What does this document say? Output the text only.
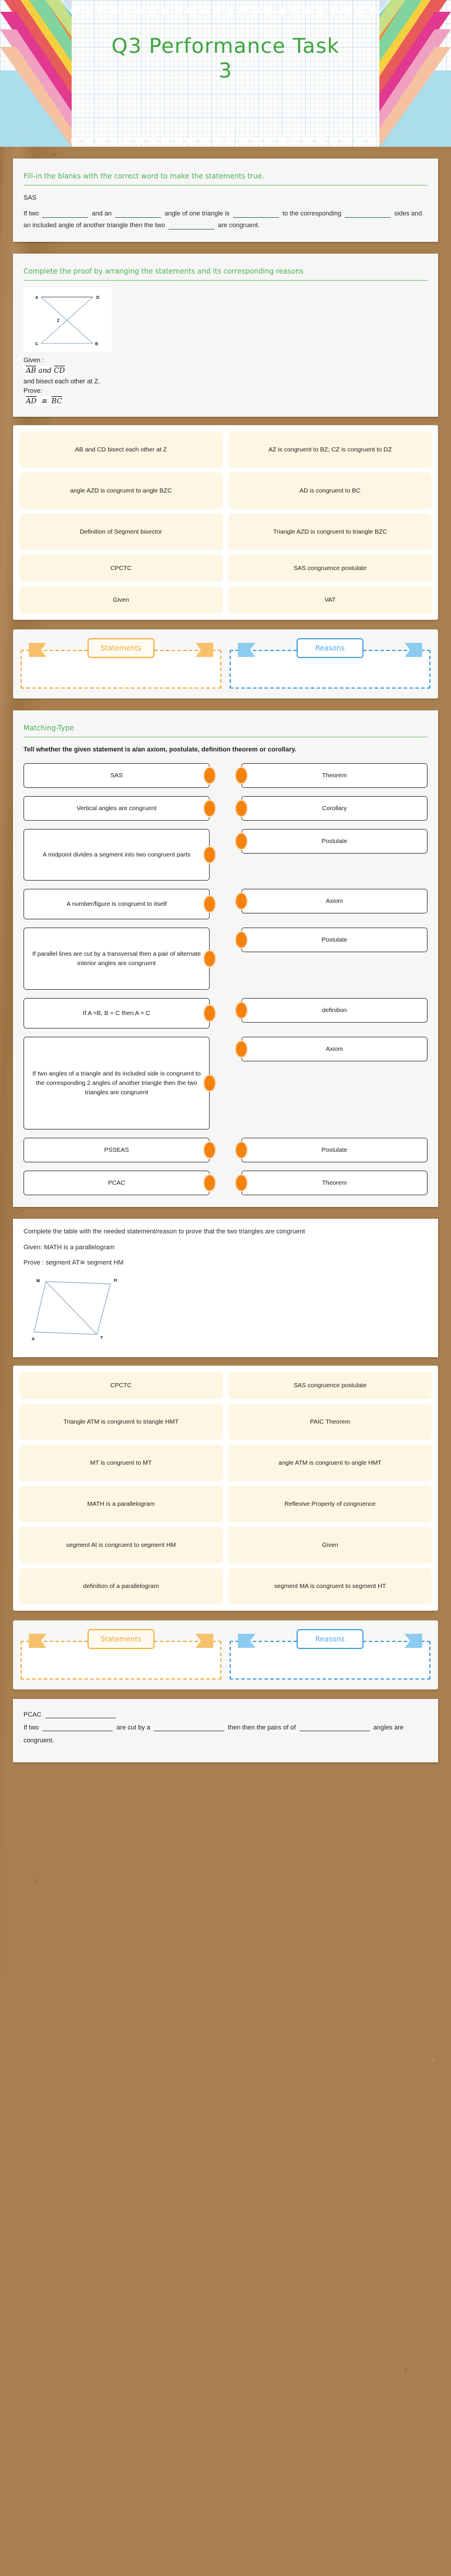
Q3 Performance Task
3
Fill-in the blanks with the correct word to make the statements true.
SAS
If two	and an	angle of one triangle is	to the corresponding	sides and an included angle of another triangle then the two	are congruent.
Complete the proof by arranging the statements and its corresponding reasons
A	D
Z
C	B
Given :
$\overline{AB}$ and $\overline{CD}$
and bisect each other at Z.
Prove:
$\overline{AD}$  ≅  $\overline{BC}$
AB and CD bisect each other at Z	AZ is congruent to BZ; CZ is congruent to DZ
angle AZD is congruent to angle BZC	AD is congruent to BC
Definition of Segment bisector	Triangle AZD is congruent to triangle BZC
CPCTC	SAS congruence postulate
Given	VAT
Statements	Reasons
Matching-Type
Tell whether the given statement is a/an axiom, postulate, definition theorem or corollary.
SAS	Theorem
Vertical angles are congruent	Corollary
A midpoint divides a segment into two congruent parts
Postulate
A number/figure is congruent to itself	Axiom
If parallel lines are cut by a transversal then a pair of alternate interior angles are congruent
Postulate
If A =B, B = C then A = C	definition
If two angles of a triangle and its included side is congruent to the corresponding 2 angles of another triangle then the two triangles are congruent
Axiom
PSSEAS	Postulate
PCAC	Theorem
Complete the table with the needed statement/reason to prove that the two triangles are congruent
Given: MATH is a parallelogram
Prove : segment AT≅ segment HM
M	H
A	T
CPCTC	SAS congruence postulate
Triangle ATM is congruent to triangle HMT	PAIC Theorem
MT is congruent to MT	angle ATM is congruent to angle HMT
MATH is a parallelogram	Reflexive Property of congruence
segment At is congruent to segment HM	Given
definition of a parallelogram	segment MA is congruent to segment HT
Statements	Reasons
PCAC
If two	are cut by a	then then the pairs of of	angles are congruent.
